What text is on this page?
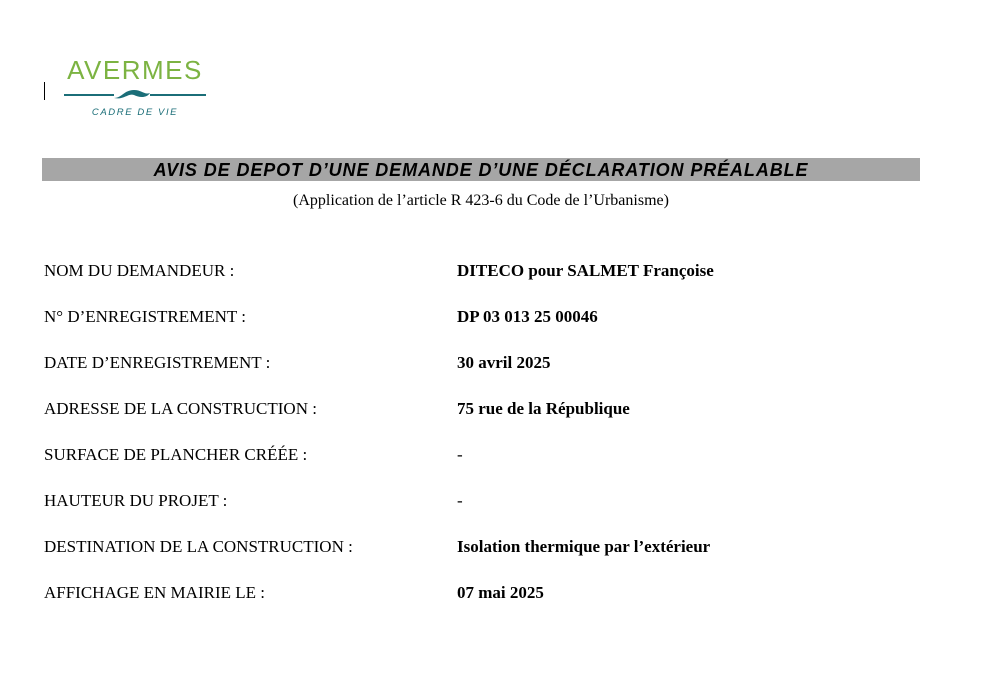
AVERMES
CADRE DE VIE
AVIS DE DEPOT D’UNE DEMANDE D’UNE DÉCLARATION PRÉALABLE
(Application de l’article R 423-6 du Code de l’Urbanisme)
NOM DU DEMANDEUR :	DITECO pour SALMET Françoise
N° D’ENREGISTREMENT :	DP 03 013 25 00046
DATE D’ENREGISTREMENT :	30 avril 2025
ADRESSE DE LA CONSTRUCTION :	75 rue de la République
SURFACE DE PLANCHER CRÉÉE :	-
HAUTEUR DU PROJET :	-
DESTINATION DE LA CONSTRUCTION :	Isolation thermique par l’extérieur
AFFICHAGE EN MAIRIE LE :	07 mai 2025
